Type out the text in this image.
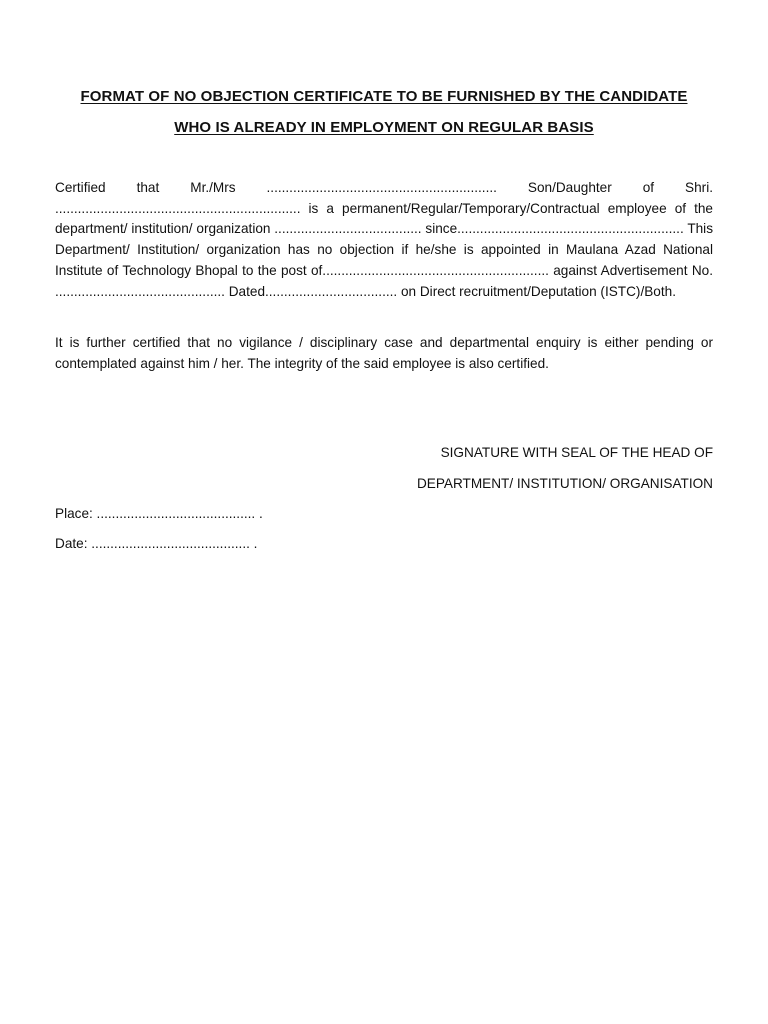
FORMAT OF NO OBJECTION CERTIFICATE TO BE FURNISHED BY THE CANDIDATE
WHO IS ALREADY IN EMPLOYMENT ON REGULAR BASIS

Certified that Mr./Mrs ............................................................. Son/Daughter of Shri. ................................................................. is a permanent/Regular/Temporary/Contractual employee of the department/ institution/ organization ....................................... since............................................................ This Department/ Institution/ organization has no objection if he/she is appointed in Maulana Azad National Institute of Technology Bhopal to the post of............................................................ against Advertisement No. ............................................. Dated................................... on Direct recruitment/Deputation (ISTC)/Both.

It is further certified that no vigilance / disciplinary case and departmental enquiry is either pending or contemplated against him / her. The integrity of the said employee is also certified.

SIGNATURE WITH SEAL OF THE HEAD OF
DEPARTMENT/ INSTITUTION/ ORGANISATION
Place: .......................................... .
Date: .......................................... .
